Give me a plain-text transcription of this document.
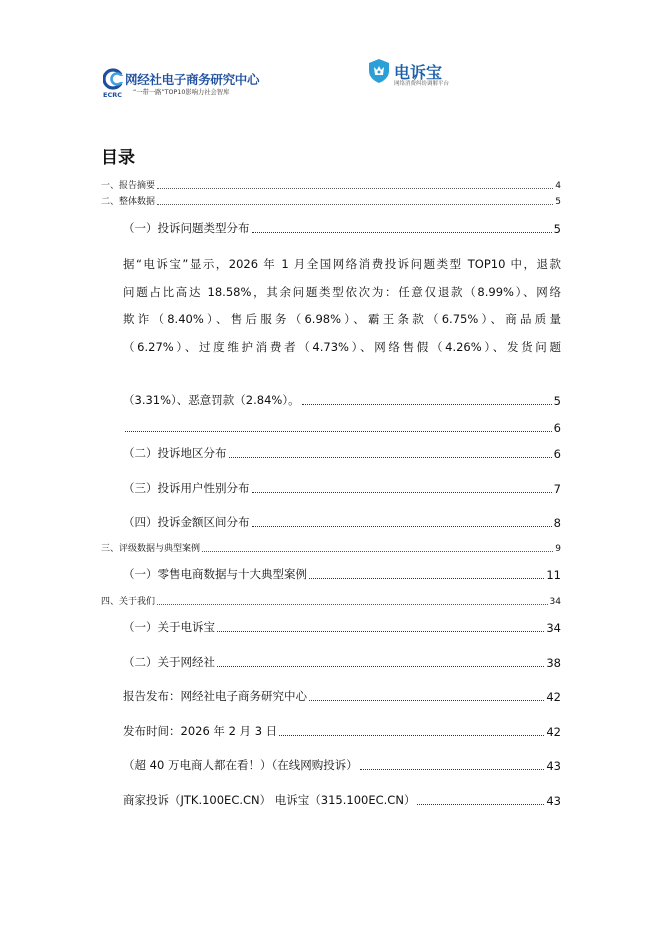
网经社电子商务研究中心
ECRC “一带一路”TOP10影响力社会智库
电诉宝
网络消费纠纷调解平台
目录
一、报告摘要	4
二、整体数据	5
（一）投诉问题类型分布	5
据“电诉宝”显示，2026 年 1 月全国网络消费投诉问题类型 TOP10 中，退款
问题占比高达 18.58%，其余问题类型依次为：任意仅退款（8.99%）、网络
欺诈（8.40%）、售后服务（6.98%）、霸王条款（6.75%）、商品质量
（6.27%）、过度维护消费者（4.73%）、网络售假（4.26%）、发货问题
（3.31%）、恶意罚款（2.84%）。	5
6
（二）投诉地区分布	6
（三）投诉用户性别分布	7
（四）投诉金额区间分布	8
三、评级数据与典型案例	9
（一）零售电商数据与十大典型案例	11
四、关于我们	34
（一）关于电诉宝	34
（二）关于网经社	38
报告发布：网经社电子商务研究中心	42
发布时间：2026 年 2 月 3 日	42
（超 40 万电商人都在看！）（在线网购投诉）	43
商家投诉（JTK.100EC.CN） 电诉宝（315.100EC.CN）	43
